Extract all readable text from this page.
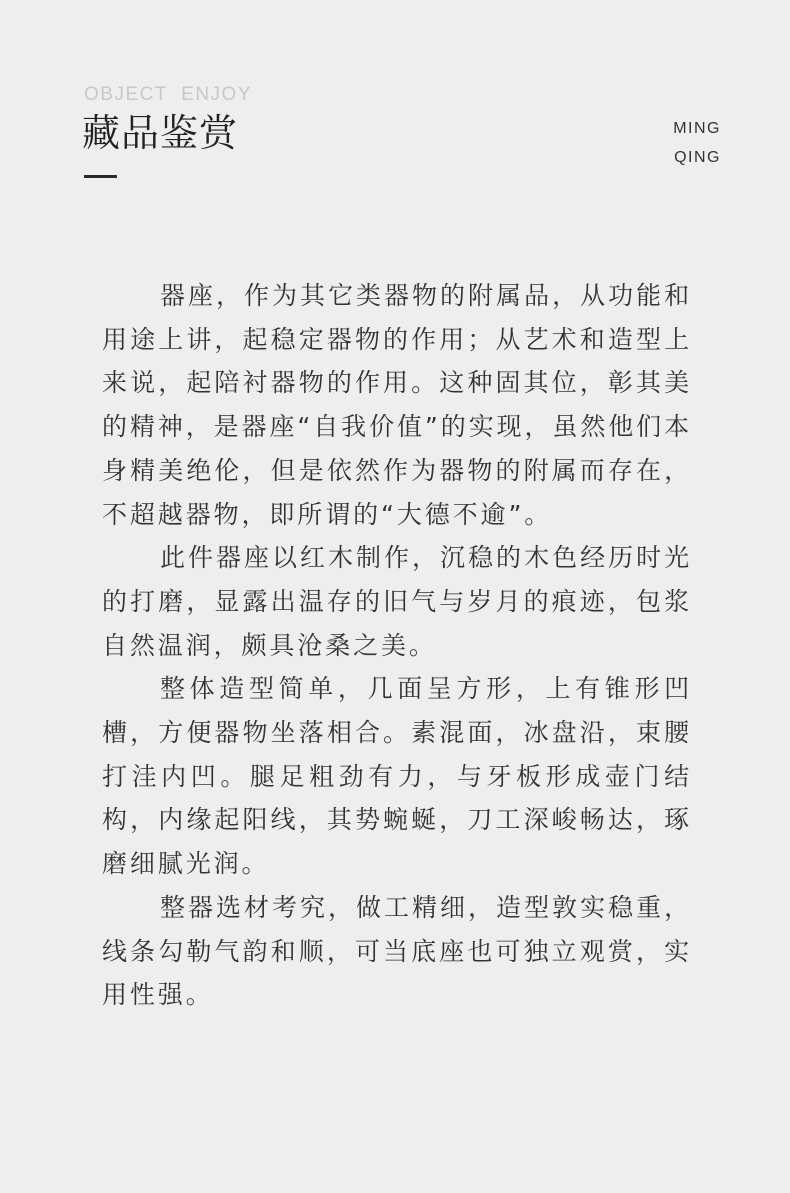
OBJECT  ENJOY
藏品鉴赏	MING
QING

器座，作为其它类器物的附属品，从功能和用途上讲，起稳定器物的作用；从艺术和造型上来说，起陪衬器物的作用。这种固其位，彰其美的精神，是器座“自我价值”的实现，虽然他们本身精美绝伦，但是依然作为器物的附属而存在，不超越器物，即所谓的“大德不逾”。

此件器座以红木制作，沉稳的木色经历时光的打磨，显露出温存的旧气与岁月的痕迹，包浆自然温润，颇具沧桑之美。

整体造型简单，几面呈方形，上有锥形凹槽，方便器物坐落相合。素混面，冰盘沿，束腰打洼内凹。腿足粗劲有力，与牙板形成壶门结构，内缘起阳线，其势蜿蜒，刀工深峻畅达，琢磨细腻光润。

整器选材考究，做工精细，造型敦实稳重，线条勾勒气韵和顺，可当底座也可独立观赏，实用性强。
